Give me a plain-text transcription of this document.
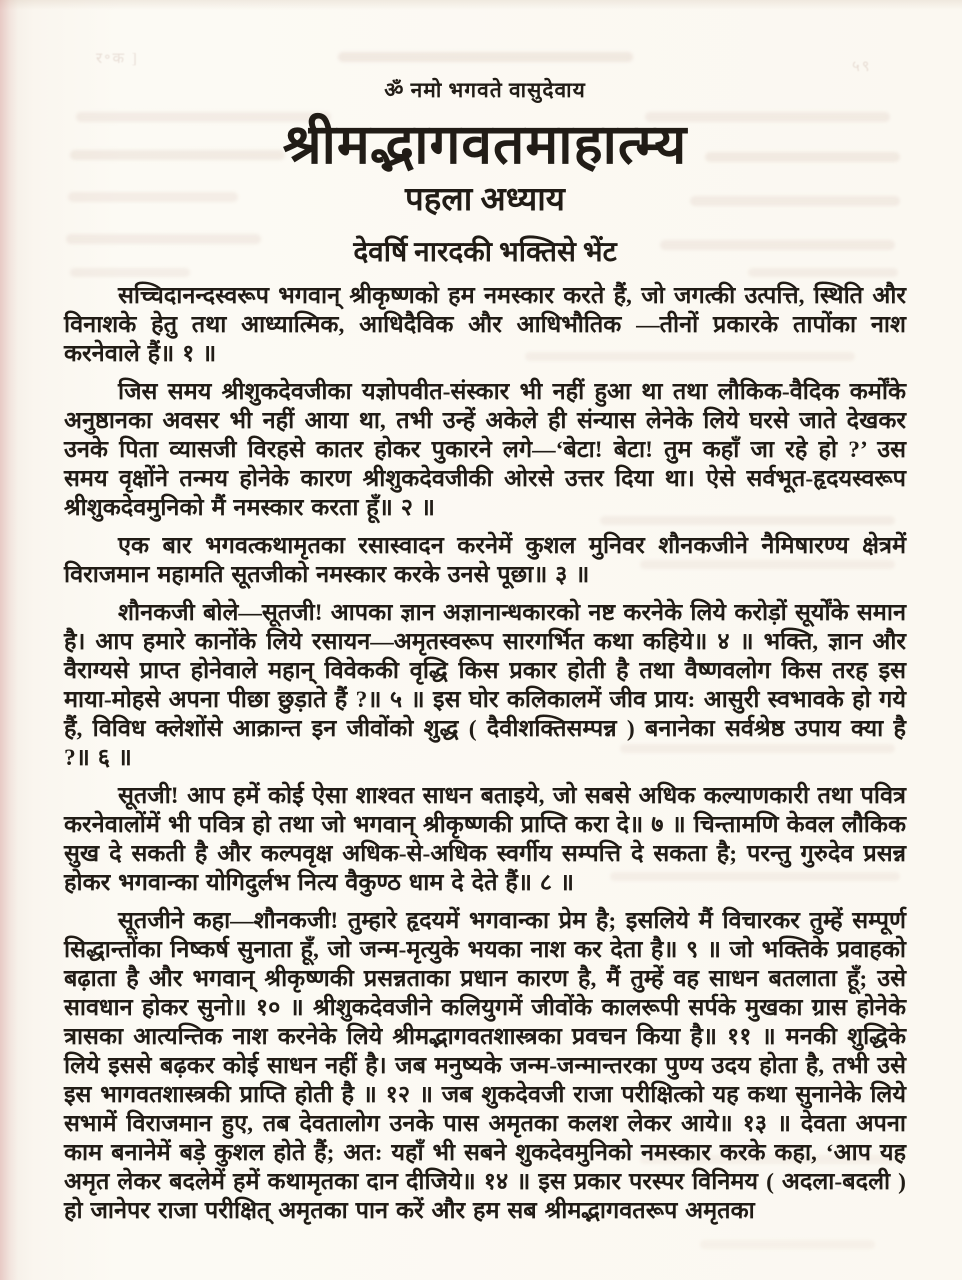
र॰क ]	५९
ॐ नमो भगवते वासुदेवाय
श्रीमद्भागवतमाहात्म्य
पहला अध्याय
देवर्षि नारदकी भक्तिसे भेंट

सच्चिदानन्दस्वरूप भगवान् श्रीकृष्णको हम नमस्कार करते हैं, जो जगत्की उत्पत्ति, स्थिति और विनाशके हेतु तथा आध्यात्मिक, आधिदैविक और आधिभौतिक —तीनों प्रकारके तापोंका नाश करनेवाले हैं॥ १ ॥

जिस समय श्रीशुकदेवजीका यज्ञोपवीत-संस्कार भी नहीं हुआ था तथा लौकिक-वैदिक कर्मोंके अनुष्ठानका अवसर भी नहीं आया था, तभी उन्हें अकेले ही संन्यास लेनेके लिये घरसे जाते देखकर उनके पिता व्यासजी विरहसे कातर होकर पुकारने लगे—‘बेटा! बेटा! तुम कहाँ जा रहे हो ?’ उस समय वृक्षोंने तन्मय होनेके कारण श्रीशुकदेवजीकी ओरसे उत्तर दिया था। ऐसे सर्वभूत-हृदयस्वरूप श्रीशुकदेवमुनिको मैं नमस्कार करता हूँ॥ २ ॥

एक बार भगवत्कथामृतका रसास्वादन करनेमें कुशल मुनिवर शौनकजीने नैमिषारण्य क्षेत्रमें विराजमान महामति सूतजीको नमस्कार करके उनसे पूछा॥ ३ ॥

शौनकजी बोले—सूतजी! आपका ज्ञान अज्ञानान्धकारको नष्ट करनेके लिये करोड़ों सूर्योंके समान है। आप हमारे कानोंके लिये रसायन—अमृतस्वरूप सारगर्भित कथा कहिये॥ ४ ॥ भक्ति, ज्ञान और वैराग्यसे प्राप्त होनेवाले महान् विवेककी वृद्धि किस प्रकार होती है तथा वैष्णवलोग किस तरह इस माया-मोहसे अपना पीछा छुड़ाते हैं ?॥ ५ ॥ इस घोर कलिकालमें जीव प्राय: आसुरी स्वभावके हो गये हैं, विविध क्लेशोंसे आक्रान्त इन जीवोंको शुद्ध ( दैवीशक्तिसम्पन्न ) बनानेका सर्वश्रेष्ठ उपाय क्या है ?॥ ६ ॥

सूतजी! आप हमें कोई ऐसा शाश्वत साधन बताइये, जो सबसे अधिक कल्याणकारी तथा पवित्र करनेवालोंमें भी पवित्र हो तथा जो भगवान् श्रीकृष्णकी प्राप्ति करा दे॥ ७ ॥ चिन्तामणि केवल लौकिक सुख दे सकती है और कल्पवृक्ष अधिक-से-अधिक स्वर्गीय सम्पत्ति दे सकता है; परन्तु गुरुदेव प्रसन्न होकर भगवान्का योगिदुर्लभ नित्य वैकुण्ठ धाम दे देते हैं॥ ८ ॥

सूतजीने कहा—शौनकजी! तुम्हारे हृदयमें भगवान्का प्रेम है; इसलिये मैं विचारकर तुम्हें सम्पूर्ण सिद्धान्तोंका निष्कर्ष सुनाता हूँ, जो जन्म-मृत्युके भयका नाश कर देता है॥ ९ ॥ जो भक्तिके प्रवाहको बढ़ाता है और भगवान् श्रीकृष्णकी प्रसन्नताका प्रधान कारण है, मैं तुम्हें वह साधन बतलाता हूँ; उसे सावधान होकर सुनो॥ १० ॥ श्रीशुकदेवजीने कलियुगमें जीवोंके कालरूपी सर्पके मुखका ग्रास होनेके त्रासका आत्यन्तिक नाश करनेके लिये श्रीमद्भागवतशास्त्रका प्रवचन किया है॥ ११ ॥ मनकी शुद्धिके लिये इससे बढ़कर कोई साधन नहीं है। जब मनुष्यके जन्म-जन्मान्तरका पुण्य उदय होता है, तभी उसे इस भागवतशास्त्रकी प्राप्ति होती है ॥ १२ ॥ जब शुकदेवजी राजा परीक्षित्को यह कथा सुनानेके लिये सभामें विराजमान हुए, तब देवतालोग उनके पास अमृतका कलश लेकर आये॥ १३ ॥ देवता अपना काम बनानेमें बड़े कुशल होते हैं; अत: यहाँ भी सबने शुकदेवमुनिको नमस्कार करके कहा, ‘आप यह अमृत लेकर बदलेमें हमें कथामृतका दान दीजिये॥ १४ ॥ इस प्रकार परस्पर विनिमय ( अदला-बदली ) हो जानेपर राजा परीक्षित् अमृतका पान करें और हम सब श्रीमद्भागवतरूप अमृतका
